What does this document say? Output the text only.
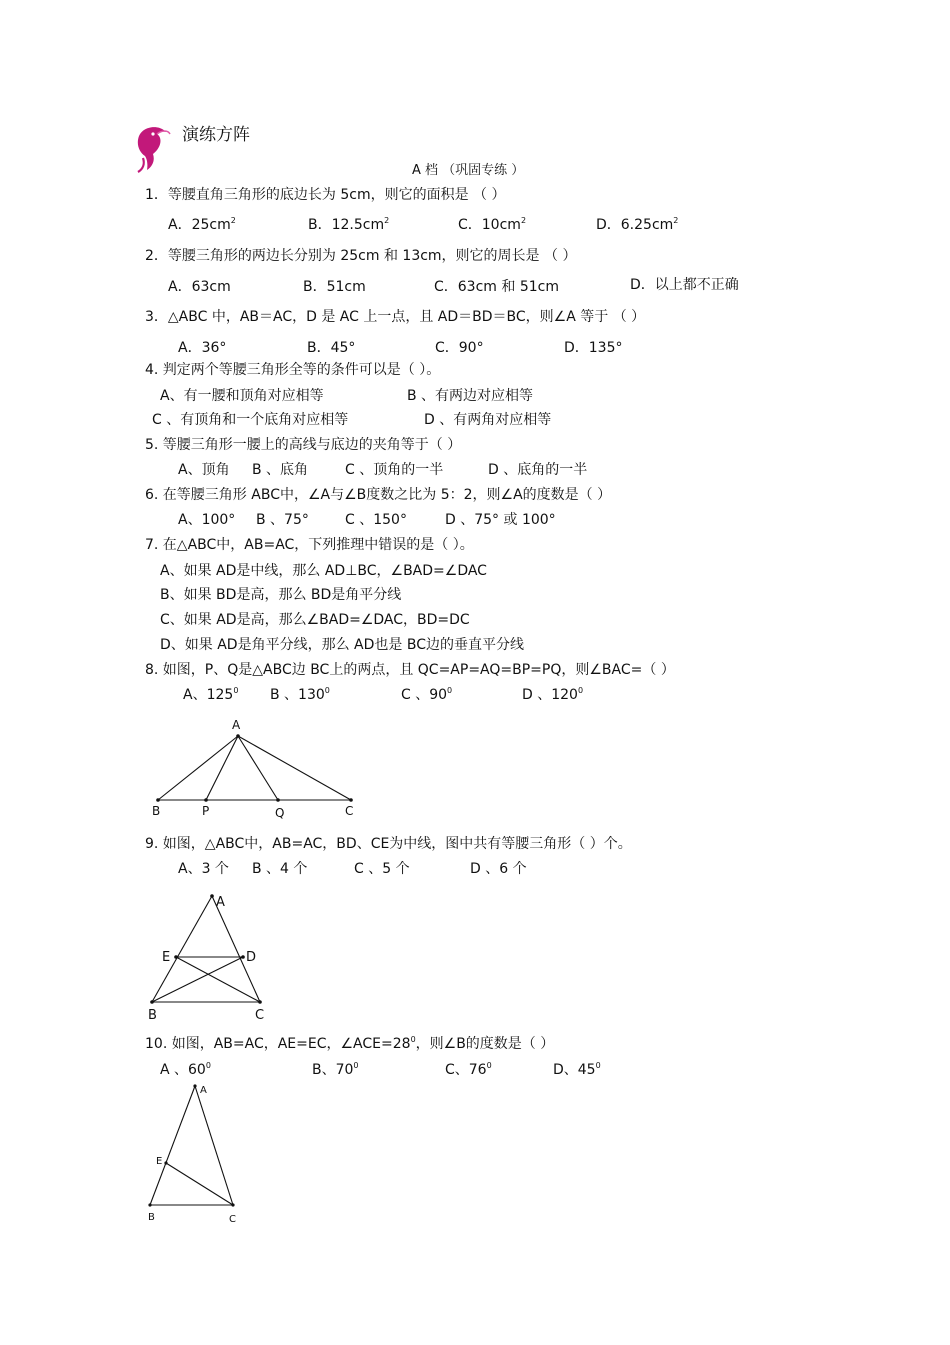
演练方阵
A 档 （巩固专练 ）
1．等腰直角三角形的底边长为 5cm，则它的面积是 （ ）
A．$25cm^2$	B．$12.5cm^2$	C．$10cm^2$	D．$6.25cm^2$
2．等腰三角形的两边长分别为 25cm 和 13cm，则它的周长是 （ ）
A．63cm	B．51cm	C．63cm 和 51cm	D．以上都不正确
3．△ABC 中，AB＝AC，D 是 AC 上一点，且 AD＝BD＝BC，则∠A 等于 （ ）
A．36°	B．45°	C．90°	D．135°
4. 判定两个等腰三角形全等的条件可以是（ ）。
A、有一腰和顶角对应相等	B 、有两边对应相等
C 、有顶角和一个底角对应相等	D 、有两角对应相等
5. 等腰三角形一腰上的高线与底边的夹角等于（ ）
A、顶角 B 、底角	C 、顶角的一半	D 、底角的一半
6. 在等腰三角形 ABC中，∠A与∠B度数之比为 5：2，则∠A的度数是（ ）
A、100° B 、75°	C 、150°	D 、75° 或 100°
7. 在△ABC中，AB=AC，下列推理中错误的是（ ）。
A、如果 AD是中线，那么 AD⊥BC，∠BAD=∠DAC
B、如果 BD是高，那么 BD是角平分线
C、如果 AD是高，那么∠BAD=∠DAC，BD=DC
D、如果 AD是角平分线，那么 AD也是 BC边的垂直平分线
8. 如图，P、Q是△ABC边 BC上的两点，且 QC=AP=AQ=BP=PQ，则∠BAC=（ ）
A、$125^0$ B 、$130^0$	C 、$90^0$	D 、$120^0$
A
B	P	Q	C
9. 如图，△ABC中，AB=AC，BD、CE为中线，图中共有等腰三角形（ ）个。
A、3 个 B 、4 个	C 、5 个	D 、6 个
A
E	D
B	C
10. 如图，AB=AC，AE=EC，$\angle ACE=28^0$，则∠B的度数是（ ）
A 、$60^0$	B、$70^0$	C、$76^0$	D、$45^0$
A
E
B	C
